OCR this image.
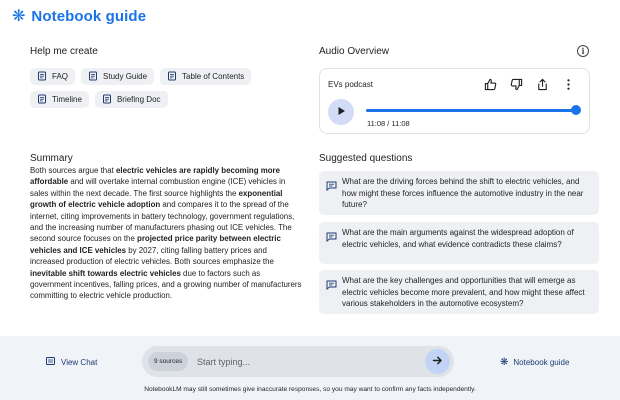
❋ Notebook guide
Help me create
FAQ	Study Guide	Table of Contents
Timeline	Briefing Doc
Audio Overview	i
EVs podcast
11:08 / 11:08
Summary
Both sources argue that electric vehicles are rapidly becoming more affordable and will overtake internal combustion engine (ICE) vehicles in sales within the next decade. The first source highlights the exponential growth of electric vehicle adoption and compares it to the spread of the internet, citing improvements in battery technology, government regulations, and the increasing number of manufacturers phasing out ICE vehicles. The second source focuses on the projected price parity between electric vehicles and ICE vehicles by 2027, citing falling battery prices and increased production of electric vehicles. Both sources emphasize the inevitable shift towards electric vehicles due to factors such as government incentives, falling prices, and a growing number of manufacturers committing to electric vehicle production.
Suggested questions
What are the driving forces behind the shift to electric vehicles, and how might these forces influence the automotive industry in the near future?
What are the main arguments against the widespread adoption of electric vehicles, and what evidence contradicts these claims?
What are the key challenges and opportunities that will emerge as electric vehicles become more prevalent, and how might these affect various stakeholders in the automotive ecosystem?
View Chat	9 sources
Start typing...	❋ Notebook guide
NotebookLM may still sometimes give inaccurate responses, so you may want to confirm any facts independently.
